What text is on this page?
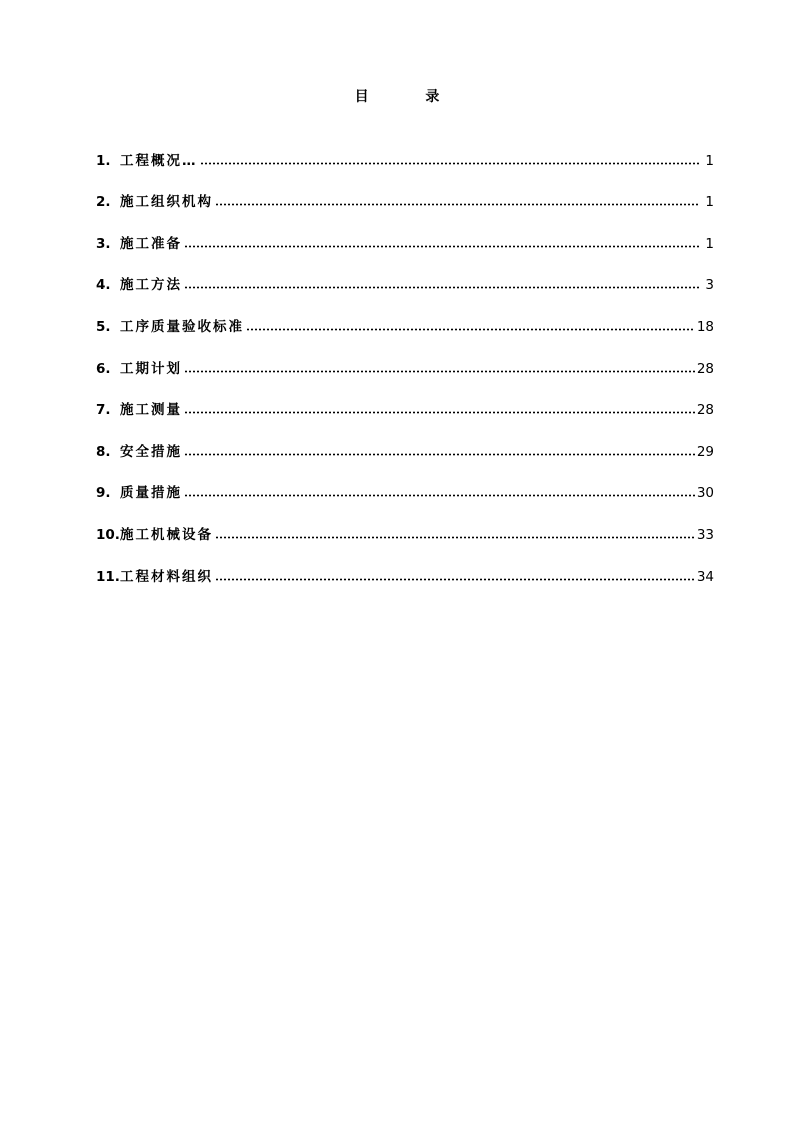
目 录
1. 工程概况…	1
2. 施工组织机构	1
3. 施工准备	1
4. 施工方法	3
5. 工序质量验收标准	18
6. 工期计划	28
7. 施工测量	28
8. 安全措施	29
9. 质量措施	30
10. 施工机械设备	33
11. 工程材料组织	34
